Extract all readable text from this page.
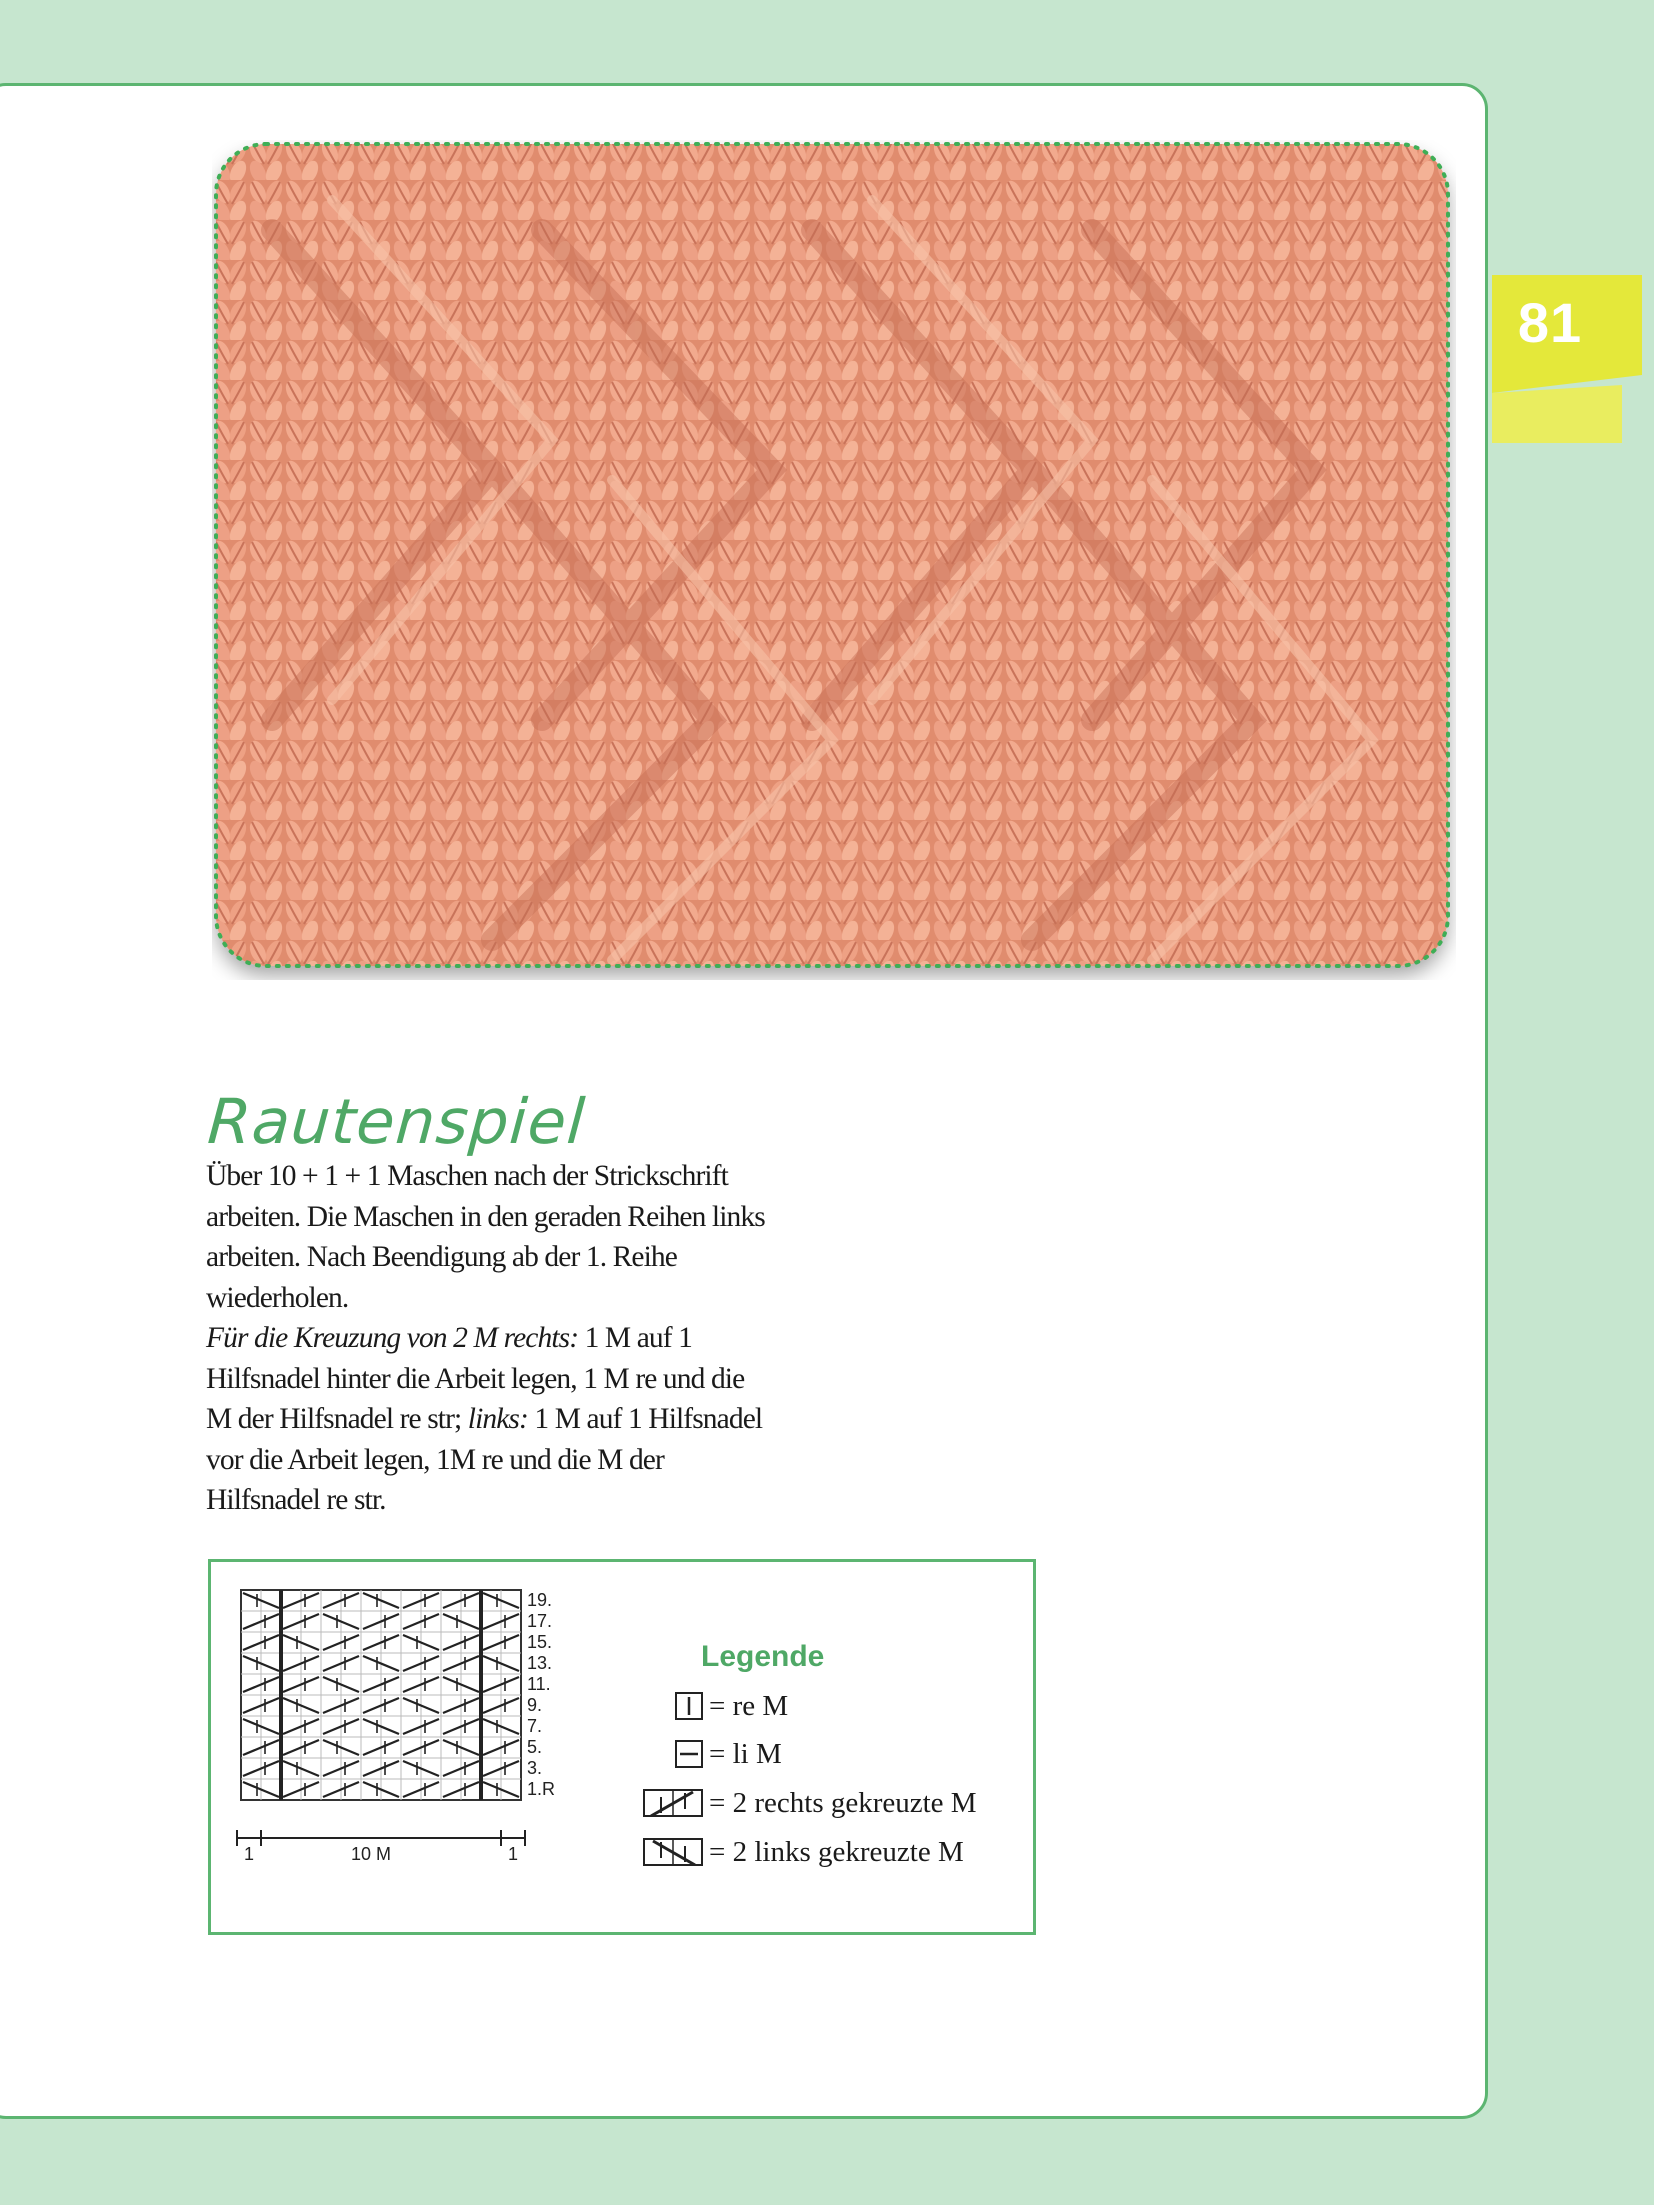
81
Rautenspiel

Über 10 + 1 + 1 Maschen nach der Strickschrift arbeiten. Die Maschen in den geraden Reihen links arbeiten. Nach Beendigung ab der 1. Reihe wiederholen.

Für die Kreuzung von 2 M rechts: 1 M auf 1 Hilfsnadel hinter die Arbeit legen, 1 M re und die M der Hilfsnadel re str; links: 1 M auf 1 Hilfsnadel vor die Arbeit legen, 1M re und die M der Hilfsnadel re str.

19.
17.
15.
13.
11.
9.
7.
5.
3.
1.R
1	10 M	1
Legende
= re M
= li M
= 2 rechts gekreuzte M
= 2 links gekreuzte M
